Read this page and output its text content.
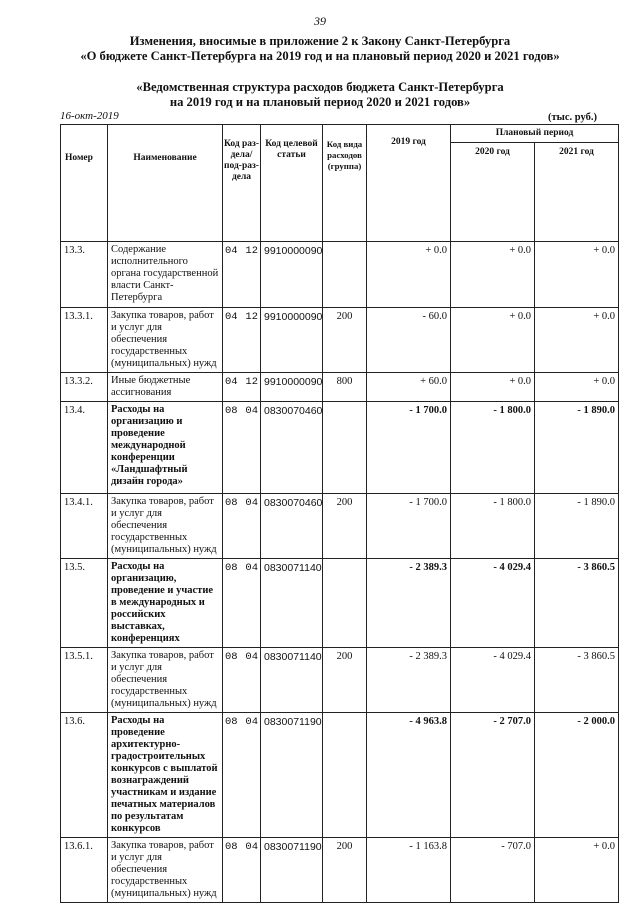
39
Изменения, вносимые в приложение 2 к Закону Санкт-Петербурга
«О бюджете Санкт-Петербурга на 2019 год и на плановый период 2020 и 2021 годов»
«Ведомственная структура расходов бюджета Санкт-Петербурга
на 2019 год и на плановый период 2020 и 2021 годов»
16-окт-2019	(тыс. руб.)
Номер	Наименование	Код раз-дела/ под-раз-дела	Код целевой статьи	Код вида расходов (группа)	2019 год	Плановый период	
						2020 год	2021 год
13.3.	Содержание исполнительного органа государственной власти Санкт-Петербурга	04 12	9910000090		+ 0.0	+ 0.0	+ 0.0
13.3.1.	Закупка товаров, работ и услуг для обеспечения государственных (муниципальных) нужд	04 12	9910000090	200	- 60.0	+ 0.0	+ 0.0
13.3.2.	Иные бюджетные ассигнования	04 12	9910000090	800	+ 60.0	+ 0.0	+ 0.0
13.4.	Расходы на организацию и проведение международной конференции «Ландшафтный дизайн города»	08 04	0830070460		- 1 700.0	- 1 800.0	- 1 890.0
13.4.1.	Закупка товаров, работ и услуг для обеспечения государственных (муниципальных) нужд	08 04	0830070460	200	- 1 700.0	- 1 800.0	- 1 890.0
13.5.	Расходы на организацию, проведение и участие в международных и российских выставках, конференциях	08 04	0830071140		- 2 389.3	- 4 029.4	- 3 860.5
13.5.1.	Закупка товаров, работ и услуг для обеспечения государственных (муниципальных) нужд	08 04	0830071140	200	- 2 389.3	- 4 029.4	- 3 860.5
13.6.	Расходы на проведение архитектурно-градостроительных конкурсов с выплатой вознаграждений участникам и издание печатных материалов по результатам конкурсов	08 04	0830071190		- 4 963.8	- 2 707.0	- 2 000.0
13.6.1.	Закупка товаров, работ и услуг для обеспечения государственных (муниципальных) нужд	08 04	0830071190	200	- 1 163.8	- 707.0	+ 0.0
